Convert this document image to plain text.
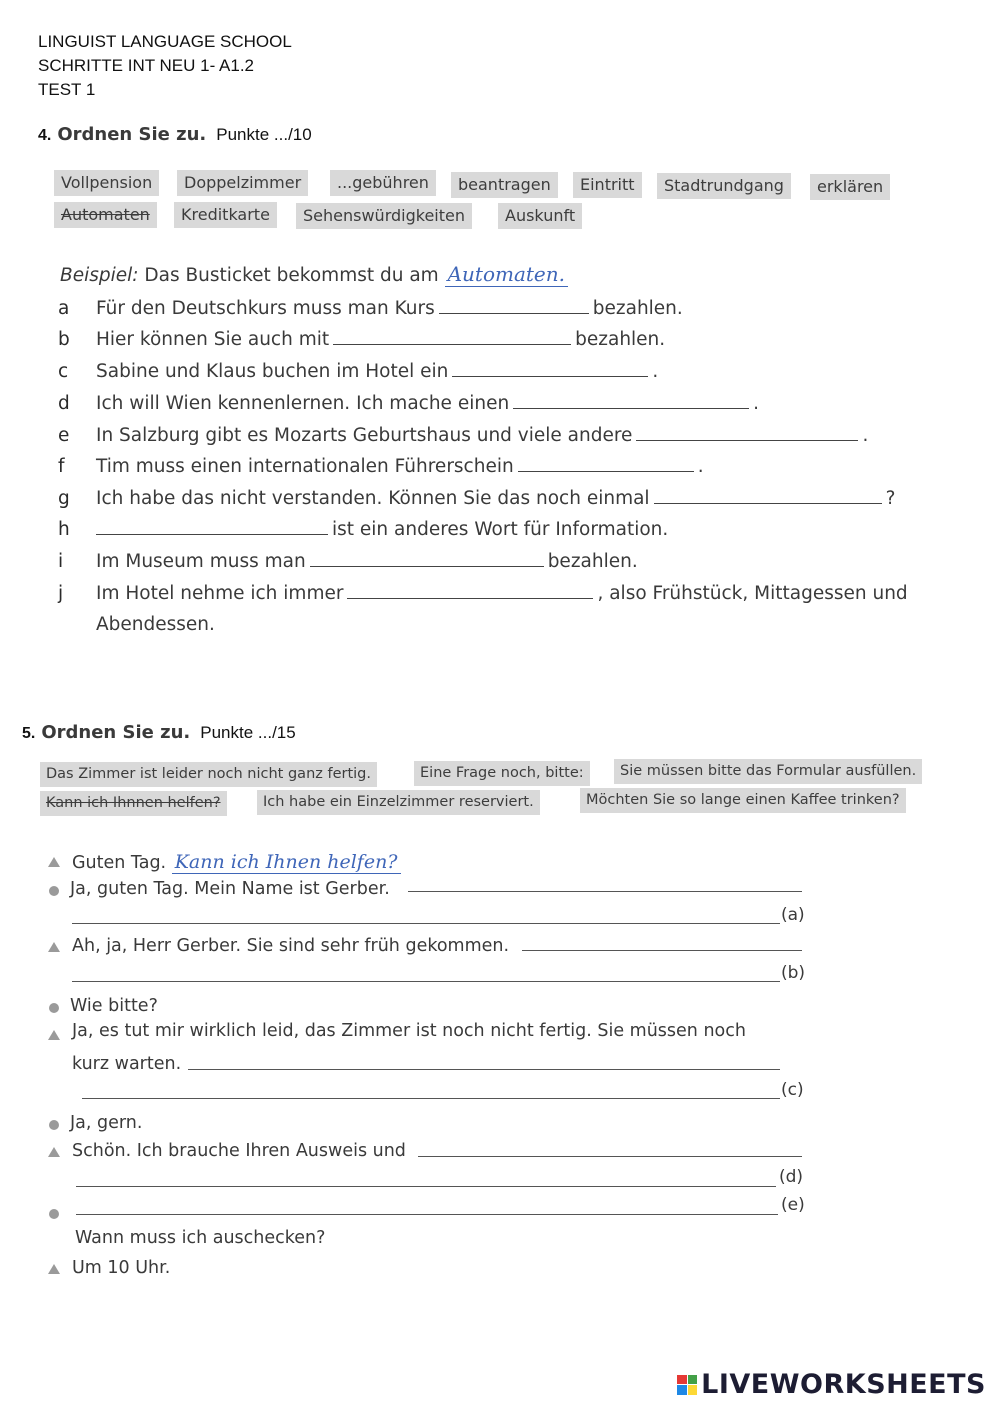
LINGUIST LANGUAGE SCHOOL
SCHRITTE INT NEU 1- A1.2
TEST 1
4. Ordnen Sie zu. Punkte .../10
Vollpension	Doppelzimmer	...gebühren	beantragen	Eintritt	Stadtrundgang	erklären
Automaten	Kreditkarte	Sehenswürdigkeiten	Auskunft
Beispiel: Das Busticket bekommst du am Automaten.
a Für den Deutschkurs muss man Kurs	bezahlen.
b Hier können Sie auch mit	bezahlen.
c Sabine und Klaus buchen im Hotel ein	.
d Ich will Wien kennenlernen. Ich mache einen	.
e In Salzburg gibt es Mozarts Geburtshaus und viele andere	.
f Tim muss einen internationalen Führerschein	.
g Ich habe das nicht verstanden. Können Sie das noch einmal	?
h	ist ein anderes Wort für Information.
i Im Museum muss man	bezahlen.
j Im Hotel nehme ich immer	, also Frühstück, Mittagessen und
Abendessen.
5. Ordnen Sie zu. Punkte .../15
Das Zimmer ist leider noch nicht ganz fertig.	Eine Frage noch, bitte:	Sie müssen bitte das Formular ausfüllen.
Kann ich Ihnnen helfen?	Ich habe ein Einzelzimmer reserviert.	Möchten Sie so lange einen Kaffee trinken?
Guten Tag. Kann ich Ihnen helfen?
Ja, guten Tag. Mein Name ist Gerber.
(a)
Ah, ja, Herr Gerber. Sie sind sehr früh gekommen.
(b)
Wie bitte?
Ja, es tut mir wirklich leid, das Zimmer ist noch nicht fertig. Sie müssen noch
kurz warten.
(c)
Ja, gern.
Schön. Ich brauche Ihren Ausweis und
(d)
(e)
Wann muss ich auschecken?
Um 10 Uhr.
LIVEWORKSHEETS
